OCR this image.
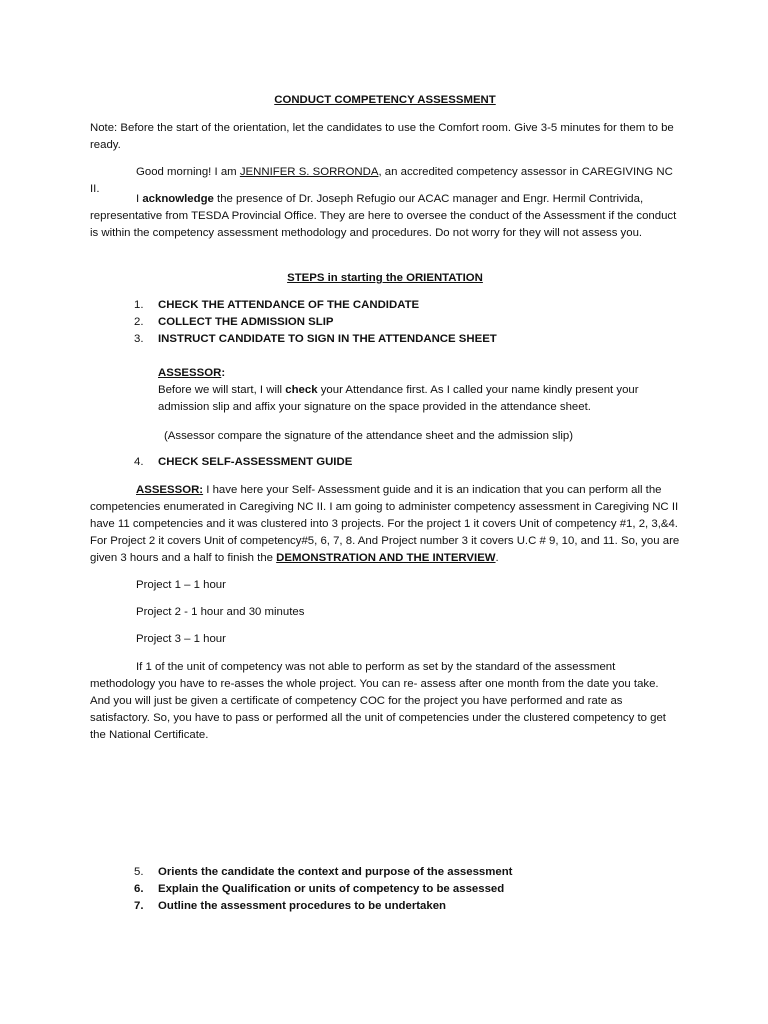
CONDUCT COMPETENCY ASSESSMENT

Note: Before the start of the orientation, let the candidates to use the Comfort room. Give 3-5 minutes for them to be ready.

Good morning! I am JENNIFER S. SORRONDA, an accredited competency assessor in CAREGIVING NC II.

I acknowledge the presence of Dr. Joseph Refugio our ACAC manager and Engr. Hermil Contrivida, representative from TESDA Provincial Office. They are here to oversee the conduct of the Assessment if the conduct is within the competency assessment methodology and procedures. Do not worry for they will not assess you.

STEPS in starting the ORIENTATION

1.	CHECK THE ATTENDANCE OF THE CANDIDATE
2.	COLLECT THE ADMISSION SLIP
3.	INSTRUCT CANDIDATE TO SIGN IN THE ATTENDANCE SHEET

ASSESSOR:
Before we will start, I will check your Attendance first. As I called your name kindly present your admission slip and affix your signature on the space provided in the attendance sheet.

(Assessor compare the signature of the attendance sheet and the admission slip)

4.	CHECK SELF-ASSESSMENT GUIDE

ASSESSOR: I have here your Self- Assessment guide and it is an indication that you can perform all the competencies enumerated in Caregiving NC II. I am going to administer competency assessment in Caregiving NC II have 11 competencies and it was clustered into 3 projects. For the project 1 it covers Unit of competency #1, 2, 3,&4. For Project 2 it covers Unit of competency#5, 6, 7, 8. And Project number 3 it covers U.C # 9, 10, and 11. So, you are given 3 hours and a half to finish the DEMONSTRATION AND THE INTERVIEW.

Project 1 – 1 hour

Project 2 - 1 hour and 30 minutes

Project 3 – 1 hour

If 1 of the unit of competency was not able to perform as set by the standard of the assessment methodology you have to re-asses the whole project. You can re- assess after one month from the date you take. And you will just be given a certificate of competency COC for the project you have performed and rate as satisfactory. So, you have to pass or performed all the unit of competencies under the clustered competency to get the National Certificate.

5.	Orients the candidate the context and purpose of the assessment
6.	Explain the Qualification or units of competency to be assessed
7.	Outline the assessment procedures to be undertaken
